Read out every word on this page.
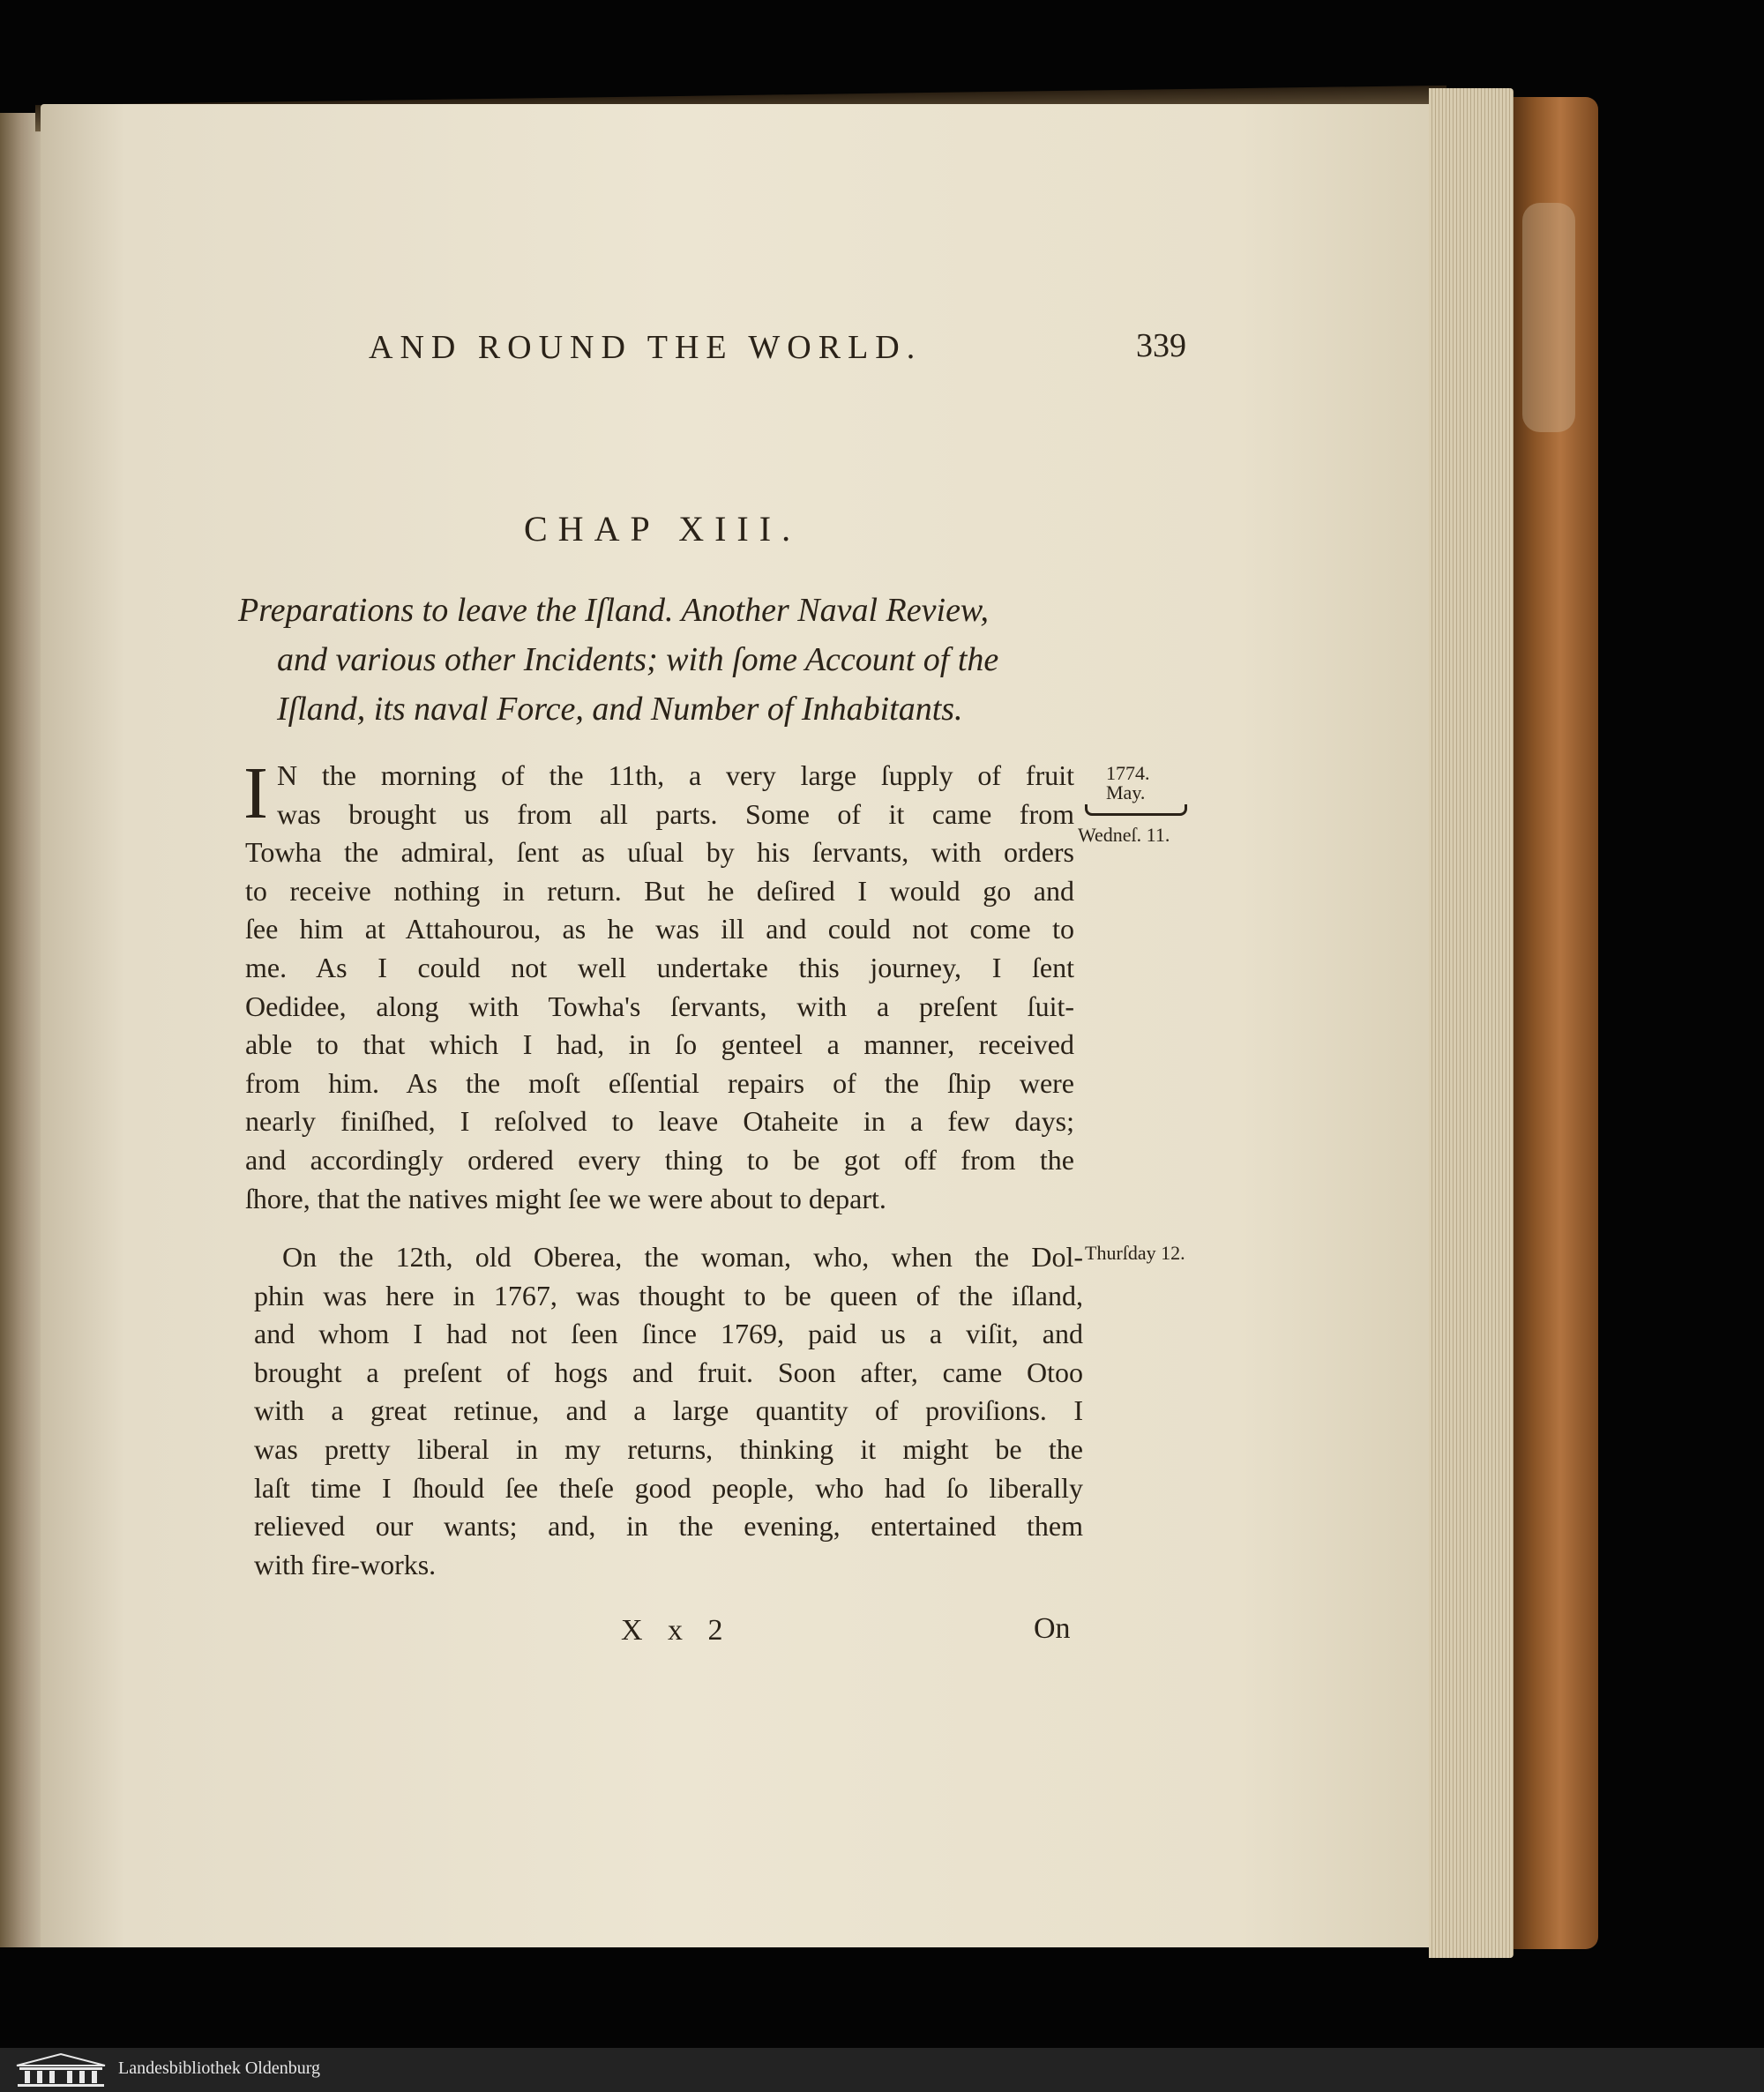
AND ROUND THE WORLD.	339
CHAP XIII.
Preparations to leave the Iſland. Another Naval Review,
and various other Incidents; with ſome Account of the
Iſland, its naval Force, and Number of Inhabitants.
I N the morning of the 11th, a very large ſupply of fruit
was brought us from all parts. Some of it came from
Towha the admiral, ſent as uſual by his ſervants, with orders
to receive nothing in return. But he deſired I would go and
ſee him at Attahourou, as he was ill and could not come to
me. As I could not well undertake this journey, I ſent
Oedidee, along with Towha's ſervants, with a preſent ſuit-
able to that which I had, in ſo genteel a manner, received
from him. As the moſt eſſential repairs of the ſhip were
nearly finiſhed, I reſolved to leave Otaheite in a few days;
and accordingly ordered every thing to be got off from the
ſhore, that the natives might ſee we were about to depart.
On the 12th, old Oberea, the woman, who, when the Dol-
phin was here in 1767, was thought to be queen of the iſland,
and whom I had not ſeen ſince 1769, paid us a viſit, and
brought a preſent of hogs and fruit. Soon after, came Otoo
with a great retinue, and a large quantity of proviſions. I
was pretty liberal in my returns, thinking it might be the
laſt time I ſhould ſee theſe good people, who had ſo liberally
relieved our wants; and, in the evening, entertained them
with fire-works.
1774.
May.
Wedneſ. 11.
Thurſday 12.
X x 2	On
Landesbibliothek Oldenburg
